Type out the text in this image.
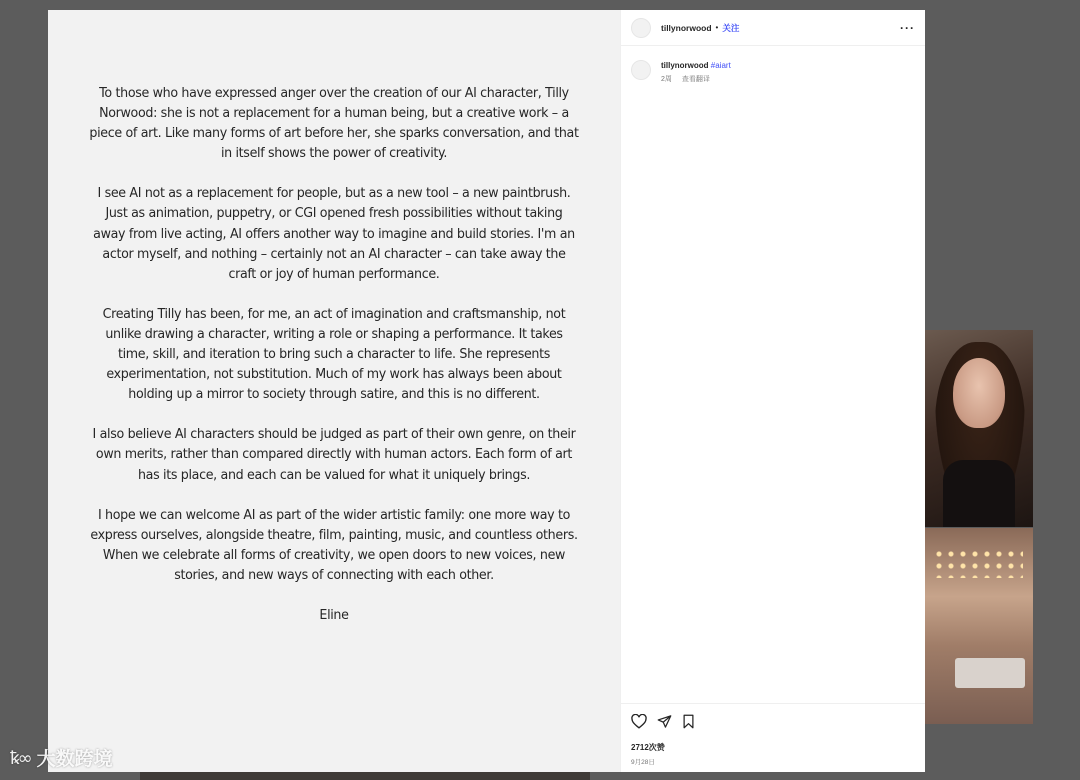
To those who have expressed anger over the creation of our AI character, Tilly Norwood: she is not a replacement for a human being, but a creative work – a piece of art. Like many forms of art before her, she sparks conversation, and that in itself shows the power of creativity.

I see AI not as a replacement for people, but as a new tool – a new paintbrush. Just as animation, puppetry, or CGI opened fresh possibilities without taking away from live acting, AI offers another way to imagine and build stories. I'm an actor myself, and nothing – certainly not an AI character – can take away the craft or joy of human performance.

Creating Tilly has been, for me, an act of imagination and craftsmanship, not unlike drawing a character, writing a role or shaping a performance. It takes time, skill, and iteration to bring such a character to life. She represents experimentation, not substitution. Much of my work has always been about holding up a mirror to society through satire, and this is no different.

I also believe AI characters should be judged as part of their own genre, on their own merits, rather than compared directly with human actors. Each form of art has its place, and each can be valued for what it uniquely brings.

I hope we can welcome AI as part of the wider artistic family: one more way to express ourselves, alongside theatre, film, painting, music, and countless others. When we celebrate all forms of creativity, we open doors to new voices, new stories, and new ways of connecting with each other.

Eline

tillynorwood • 关注	···
tillynorwood #aiart
2周 查看翻译
2712次赞
9月28日
ꝅ∞ 大数跨境
